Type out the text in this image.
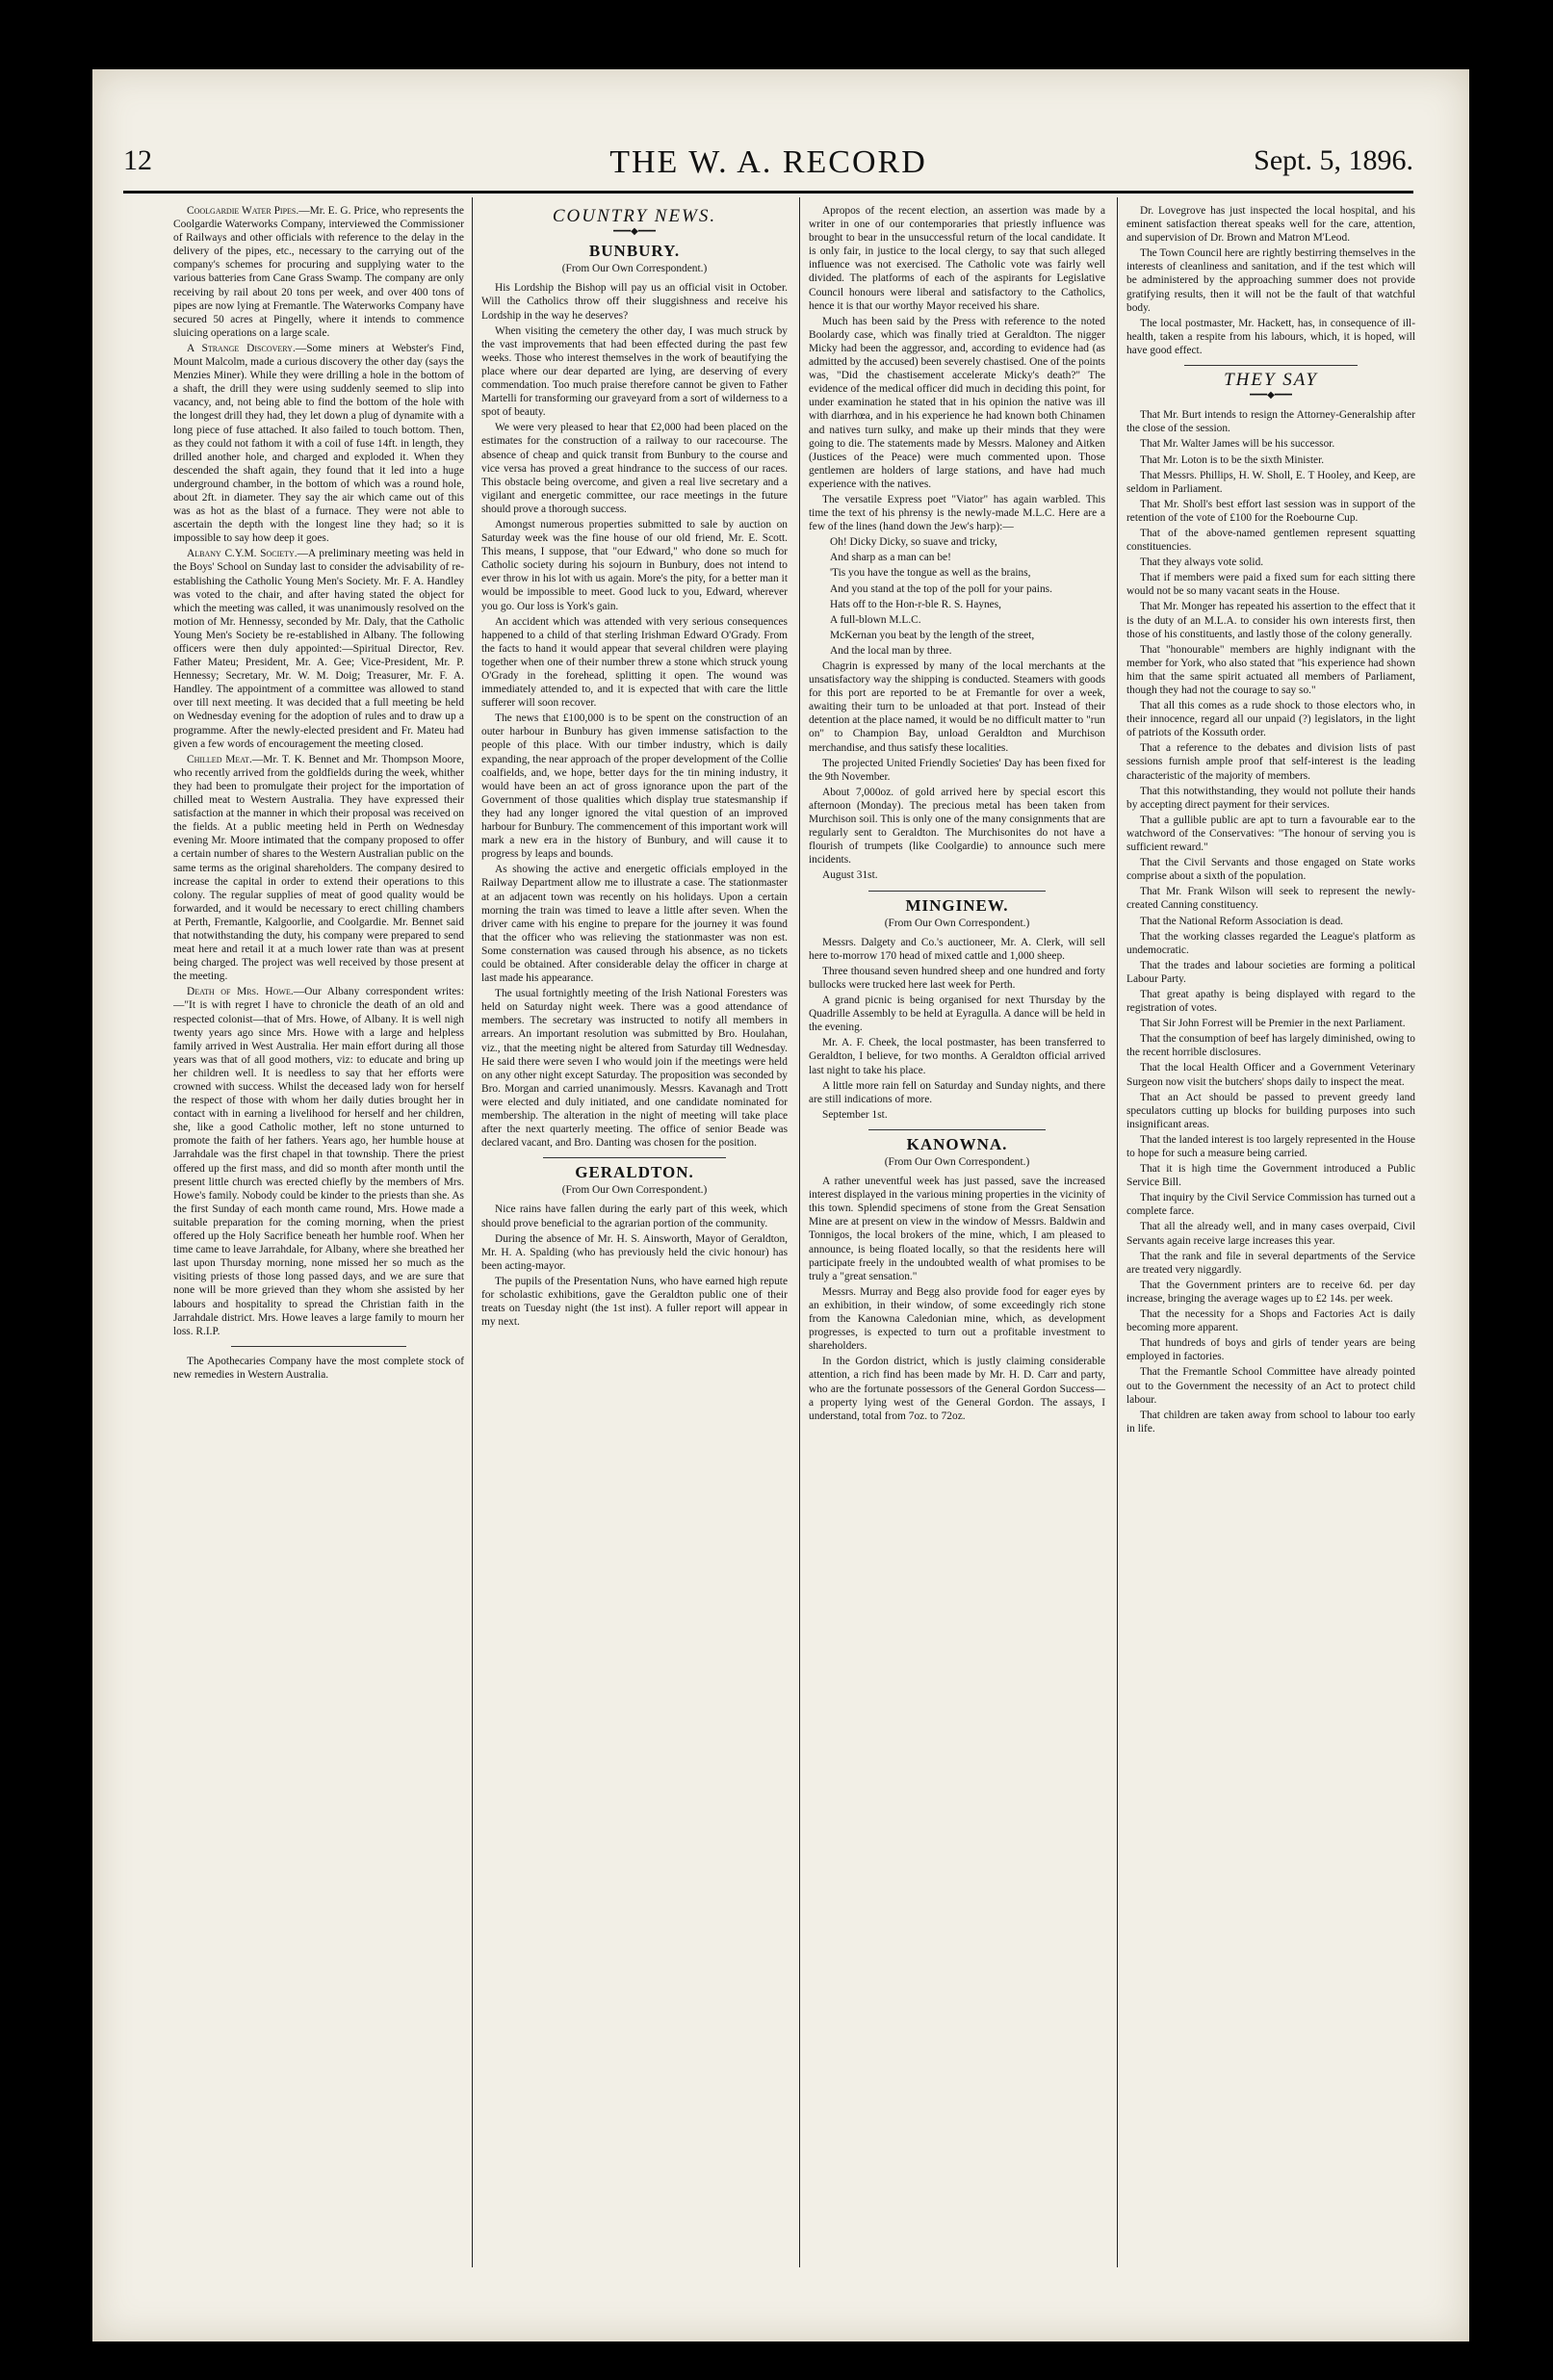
12	THE W. A. RECORD	Sept. 5, 1896.

Coolgardie Water Pipes.—Mr. E. G. Price, who represents the Coolgardie Waterworks Company, interviewed the Commissioner of Railways and other officials with reference to the delay in the delivery of the pipes, etc., necessary to the carrying out of the company's schemes for procuring and supplying water to the various batteries from Cane Grass Swamp. The company are only receiving by rail about 20 tons per week, and over 400 tons of pipes are now lying at Fremantle. The Waterworks Company have secured 50 acres at Pingelly, where it intends to commence sluicing operations on a large scale.

A Strange Discovery.—Some miners at Webster's Find, Mount Malcolm, made a curious discovery the other day (says the Menzies Miner). While they were drilling a hole in the bottom of a shaft, the drill they were using suddenly seemed to slip into vacancy, and, not being able to find the bottom of the hole with the longest drill they had, they let down a plug of dynamite with a long piece of fuse attached. It also failed to touch bottom. Then, as they could not fathom it with a coil of fuse 14ft. in length, they drilled another hole, and charged and exploded it. When they descended the shaft again, they found that it led into a huge underground chamber, in the bottom of which was a round hole, about 2ft. in diameter. They say the air which came out of this was as hot as the blast of a furnace. They were not able to ascertain the depth with the longest line they had; so it is impossible to say how deep it goes.

Albany C.Y.M. Society.—A preliminary meeting was held in the Boys' School on Sunday last to consider the advisability of re-establishing the Catholic Young Men's Society. Mr. F. A. Handley was voted to the chair, and after having stated the object for which the meeting was called, it was unanimously resolved on the motion of Mr. Hennessy, seconded by Mr. Daly, that the Catholic Young Men's Society be re-established in Albany. The following officers were then duly appointed:—Spiritual Director, Rev. Father Mateu; President, Mr. A. Gee; Vice-President, Mr. P. Hennessy; Secretary, Mr. W. M. Doig; Treasurer, Mr. F. A. Handley. The appointment of a committee was allowed to stand over till next meeting. It was decided that a full meeting be held on Wednesday evening for the adoption of rules and to draw up a programme. After the newly-elected president and Fr. Mateu had given a few words of encouragement the meeting closed.

Chilled Meat.—Mr. T. K. Bennet and Mr. Thompson Moore, who recently arrived from the goldfields during the week, whither they had been to promulgate their project for the importation of chilled meat to Western Australia. They have expressed their satisfaction at the manner in which their proposal was received on the fields. At a public meeting held in Perth on Wednesday evening Mr. Moore intimated that the company proposed to offer a certain number of shares to the Western Australian public on the same terms as the original shareholders. The company desired to increase the capital in order to extend their operations to this colony. The regular supplies of meat of good quality would be forwarded, and it would be necessary to erect chilling chambers at Perth, Fremantle, Kalgoorlie, and Coolgardie. Mr. Bennet said that notwithstanding the duty, his company were prepared to send meat here and retail it at a much lower rate than was at present being charged. The project was well received by those present at the meeting.

Death of Mrs. Howe.—Our Albany correspondent writes:—"It is with regret I have to chronicle the death of an old and respected colonist—that of Mrs. Howe, of Albany. It is well nigh twenty years ago since Mrs. Howe with a large and helpless family arrived in West Australia. Her main effort during all those years was that of all good mothers, viz: to educate and bring up her children well. It is needless to say that her efforts were crowned with success. Whilst the deceased lady won for herself the respect of those with whom her daily duties brought her in contact with in earning a livelihood for herself and her children, she, like a good Catholic mother, left no stone unturned to promote the faith of her fathers. Years ago, her humble house at Jarrahdale was the first chapel in that township. There the priest offered up the first mass, and did so month after month until the present little church was erected chiefly by the members of Mrs. Howe's family. Nobody could be kinder to the priests than she. As the first Sunday of each month came round, Mrs. Howe made a suitable preparation for the coming morning, when the priest offered up the Holy Sacrifice beneath her humble roof. When her time came to leave Jarrahdale, for Albany, where she breathed her last upon Thursday morning, none missed her so much as the visiting priests of those long passed days, and we are sure that none will be more grieved than they whom she assisted by her labours and hospitality to spread the Christian faith in the Jarrahdale district. Mrs. Howe leaves a large family to mourn her loss. R.I.P.

The Apothecaries Company have the most complete stock of new remedies in Western Australia.

COUNTRY NEWS.
━━━◆━━━
BUNBURY.
(From Our Own Correspondent.)

His Lordship the Bishop will pay us an official visit in October. Will the Catholics throw off their sluggishness and receive his Lordship in the way he deserves?

When visiting the cemetery the other day, I was much struck by the vast improvements that had been effected during the past few weeks. Those who interest themselves in the work of beautifying the place where our dear departed are lying, are deserving of every commendation. Too much praise therefore cannot be given to Father Martelli for transforming our graveyard from a sort of wilderness to a spot of beauty.

We were very pleased to hear that £2,000 had been placed on the estimates for the construction of a railway to our racecourse. The absence of cheap and quick transit from Bunbury to the course and vice versa has proved a great hindrance to the success of our races. This obstacle being overcome, and given a real live secretary and a vigilant and energetic committee, our race meetings in the future should prove a thorough success.

Amongst numerous properties submitted to sale by auction on Saturday week was the fine house of our old friend, Mr. E. Scott. This means, I suppose, that "our Edward," who done so much for Catholic society during his sojourn in Bunbury, does not intend to ever throw in his lot with us again. More's the pity, for a better man it would be impossible to meet. Good luck to you, Edward, wherever you go. Our loss is York's gain.

An accident which was attended with very serious consequences happened to a child of that sterling Irishman Edward O'Grady. From the facts to hand it would appear that several children were playing together when one of their number threw a stone which struck young O'Grady in the forehead, splitting it open. The wound was immediately attended to, and it is expected that with care the little sufferer will soon recover.

The news that £100,000 is to be spent on the construction of an outer harbour in Bunbury has given immense satisfaction to the people of this place. With our timber industry, which is daily expanding, the near approach of the proper development of the Collie coalfields, and, we hope, better days for the tin mining industry, it would have been an act of gross ignorance upon the part of the Government of those qualities which display true statesmanship if they had any longer ignored the vital question of an improved harbour for Bunbury. The commencement of this important work will mark a new era in the history of Bunbury, and will cause it to progress by leaps and bounds.

As showing the active and energetic officials employed in the Railway Department allow me to illustrate a case. The stationmaster at an adjacent town was recently on his holidays. Upon a certain morning the train was timed to leave a little after seven. When the driver came with his engine to prepare for the journey it was found that the officer who was relieving the stationmaster was non est. Some consternation was caused through his absence, as no tickets could be obtained. After considerable delay the officer in charge at last made his appearance.

The usual fortnightly meeting of the Irish National Foresters was held on Saturday night week. There was a good attendance of members. The secretary was instructed to notify all members in arrears. An important resolution was submitted by Bro. Houlahan, viz., that the meeting night be altered from Saturday till Wednesday. He said there were seven I who would join if the meetings were held on any other night except Saturday. The proposition was seconded by Bro. Morgan and carried unanimously. Messrs. Kavanagh and Trott were elected and duly initiated, and one candidate nominated for membership. The alteration in the night of meeting will take place after the next quarterly meeting. The office of senior Beade was declared vacant, and Bro. Danting was chosen for the position.

GERALDTON.
(From Our Own Correspondent.)

Nice rains have fallen during the early part of this week, which should prove beneficial to the agrarian portion of the community.

During the absence of Mr. H. S. Ainsworth, Mayor of Geraldton, Mr. H. A. Spalding (who has previously held the civic honour) has been acting-mayor.

The pupils of the Presentation Nuns, who have earned high repute for scholastic exhibitions, gave the Geraldton public one of their treats on Tuesday night (the 1st inst). A fuller report will appear in my next.

Apropos of the recent election, an assertion was made by a writer in one of our contemporaries that priestly influence was brought to bear in the unsuccessful return of the local candidate. It is only fair, in justice to the local clergy, to say that such alleged influence was not exercised. The Catholic vote was fairly well divided. The platforms of each of the aspirants for Legislative Council honours were liberal and satisfactory to the Catholics, hence it is that our worthy Mayor received his share.

Much has been said by the Press with reference to the noted Boolardy case, which was finally tried at Geraldton. The nigger Micky had been the aggressor, and, according to evidence had (as admitted by the accused) been severely chastised. One of the points was, "Did the chastisement accelerate Micky's death?" The evidence of the medical officer did much in deciding this point, for under examination he stated that in his opinion the native was ill with diarrhœa, and in his experience he had known both Chinamen and natives turn sulky, and make up their minds that they were going to die. The statements made by Messrs. Maloney and Aitken (Justices of the Peace) were much commented upon. Those gentlemen are holders of large stations, and have had much experience with the natives.

The versatile Express poet "Viator" has again warbled. This time the text of his phrensy is the newly-made M.L.C. Here are a few of the lines (hand down the Jew's harp):—

Oh! Dicky Dicky, so suave and tricky,

And sharp as a man can be!

'Tis you have the tongue as well as the brains,

And you stand at the top of the poll for your pains.

Hats off to the Hon-r-ble R. S. Haynes,

A full-blown M.L.C.

McKernan you beat by the length of the street,

And the local man by three.

Chagrin is expressed by many of the local merchants at the unsatisfactory way the shipping is conducted. Steamers with goods for this port are reported to be at Fremantle for over a week, awaiting their turn to be unloaded at that port. Instead of their detention at the place named, it would be no difficult matter to "run on" to Champion Bay, unload Geraldton and Murchison merchandise, and thus satisfy these localities.

The projected United Friendly Societies' Day has been fixed for the 9th November.

About 7,000oz. of gold arrived here by special escort this afternoon (Monday). The precious metal has been taken from Murchison soil. This is only one of the many consignments that are regularly sent to Geraldton. The Murchisonites do not have a flourish of trumpets (like Coolgardie) to announce such mere incidents.

August 31st.

MINGINEW.
(From Our Own Correspondent.)

Messrs. Dalgety and Co.'s auctioneer, Mr. A. Clerk, will sell here to-morrow 170 head of mixed cattle and 1,000 sheep.

Three thousand seven hundred sheep and one hundred and forty bullocks were trucked here last week for Perth.

A grand picnic is being organised for next Thursday by the Quadrille Assembly to be held at Eyragulla. A dance will be held in the evening.

Mr. A. F. Cheek, the local postmaster, has been transferred to Geraldton, I believe, for two months. A Geraldton official arrived last night to take his place.

A little more rain fell on Saturday and Sunday nights, and there are still indications of more.

September 1st.

KANOWNA.
(From Our Own Correspondent.)

A rather uneventful week has just passed, save the increased interest displayed in the various mining properties in the vicinity of this town. Splendid specimens of stone from the Great Sensation Mine are at present on view in the window of Messrs. Baldwin and Tonnigos, the local brokers of the mine, which, I am pleased to announce, is being floated locally, so that the residents here will participate freely in the undoubted wealth of what promises to be truly a "great sensation."

Messrs. Murray and Begg also provide food for eager eyes by an exhibition, in their window, of some exceedingly rich stone from the Kanowna Caledonian mine, which, as development progresses, is expected to turn out a profitable investment to shareholders.

In the Gordon district, which is justly claiming considerable attention, a rich find has been made by Mr. H. D. Carr and party, who are the fortunate possessors of the General Gordon Success—a property lying west of the General Gordon. The assays, I understand, total from 7oz. to 72oz.

Dr. Lovegrove has just inspected the local hospital, and his eminent satisfaction thereat speaks well for the care, attention, and supervision of Dr. Brown and Matron M'Leod.

The Town Council here are rightly bestirring themselves in the interests of cleanliness and sanitation, and if the test which will be administered by the approaching summer does not provide gratifying results, then it will not be the fault of that watchful body.

The local postmaster, Mr. Hackett, has, in consequence of ill-health, taken a respite from his labours, which, it is hoped, will have good effect.

THEY SAY
━━━◆━━━

That Mr. Burt intends to resign the Attorney-Generalship after the close of the session.

That Mr. Walter James will be his successor.

That Mr. Loton is to be the sixth Minister.

That Messrs. Phillips, H. W. Sholl, E. T Hooley, and Keep, are seldom in Parliament.

That Mr. Sholl's best effort last session was in support of the retention of the vote of £100 for the Roebourne Cup.

That of the above-named gentlemen represent squatting constituencies.

That they always vote solid.

That if members were paid a fixed sum for each sitting there would not be so many vacant seats in the House.

That Mr. Monger has repeated his assertion to the effect that it is the duty of an M.L.A. to consider his own interests first, then those of his constituents, and lastly those of the colony generally.

That "honourable" members are highly indignant with the member for York, who also stated that "his experience had shown him that the same spirit actuated all members of Parliament, though they had not the courage to say so."

That all this comes as a rude shock to those electors who, in their innocence, regard all our unpaid (?) legislators, in the light of patriots of the Kossuth order.

That a reference to the debates and division lists of past sessions furnish ample proof that self-interest is the leading characteristic of the majority of members.

That this notwithstanding, they would not pollute their hands by accepting direct payment for their services.

That a gullible public are apt to turn a favourable ear to the watchword of the Conservatives: "The honour of serving you is sufficient reward."

That the Civil Servants and those engaged on State works comprise about a sixth of the population.

That Mr. Frank Wilson will seek to represent the newly-created Canning constituency.

That the National Reform Association is dead.

That the working classes regarded the League's platform as undemocratic.

That the trades and labour societies are forming a political Labour Party.

That great apathy is being displayed with regard to the registration of votes.

That Sir John Forrest will be Premier in the next Parliament.

That the consumption of beef has largely diminished, owing to the recent horrible disclosures.

That the local Health Officer and a Government Veterinary Surgeon now visit the butchers' shops daily to inspect the meat.

That an Act should be passed to prevent greedy land speculators cutting up blocks for building purposes into such insignificant areas.

That the landed interest is too largely represented in the House to hope for such a measure being carried.

That it is high time the Government introduced a Public Service Bill.

That inquiry by the Civil Service Commission has turned out a complete farce.

That all the already well, and in many cases overpaid, Civil Servants again receive large increases this year.

That the rank and file in several departments of the Service are treated very niggardly.

That the Government printers are to receive 6d. per day increase, bringing the average wages up to £2 14s. per week.

That the necessity for a Shops and Factories Act is daily becoming more apparent.

That hundreds of boys and girls of tender years are being employed in factories.

That the Fremantle School Committee have already pointed out to the Government the necessity of an Act to protect child labour.

That children are taken away from school to labour too early in life.
